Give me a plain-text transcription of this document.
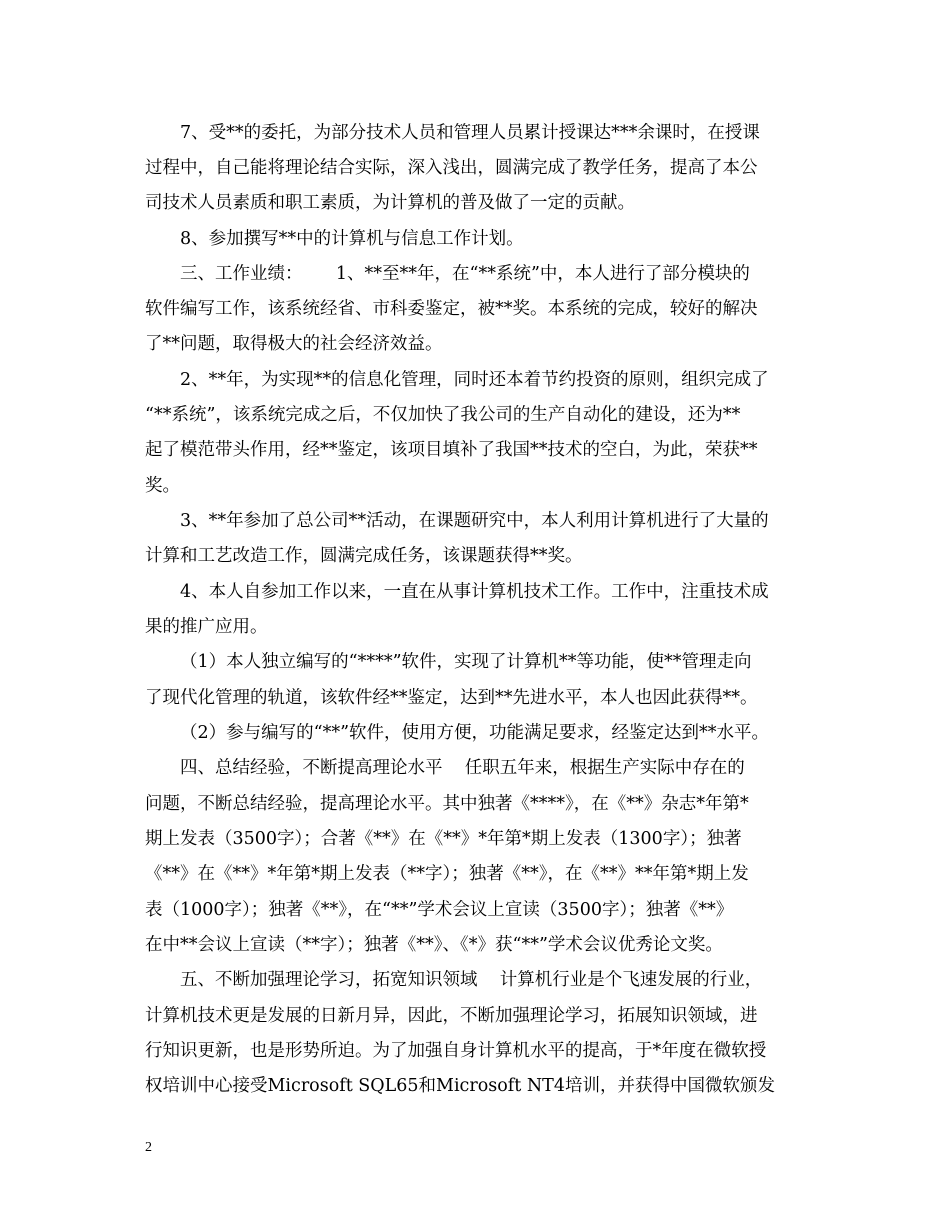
7、受**的委托，为部分技术人员和管理人员累计授课达***余课时，在授课

过程中，自己能将理论结合实际，深入浅出，圆满完成了教学任务，提高了本公

司技术人员素质和职工素质，为计算机的普及做了一定的贡献。

8、参加撰写**中的计算机与信息工作计划。

三、工作业绩：      1、**至**年，在“**系统”中，本人进行了部分模块的

软件编写工作，该系统经省、市科委鉴定，被**奖。本系统的完成，较好的解决

了**问题，取得极大的社会经济效益。

2、**年，为实现**的信息化管理，同时还本着节约投资的原则，组织完成了

“**系统”，该系统完成之后，不仅加快了我公司的生产自动化的建设，还为**

起了模范带头作用，经**鉴定，该项目填补了我国**技术的空白，为此，荣获**

奖。

3、**年参加了总公司**活动，在课题研究中，本人利用计算机进行了大量的

计算和工艺改造工作，圆满完成任务，该课题获得**奖。

4、本人自参加工作以来，一直在从事计算机技术工作。工作中，注重技术成

果的推广应用。

（1）本人独立编写的“****”软件，实现了计算机**等功能，使**管理走向

了现代化管理的轨道，该软件经**鉴定，达到**先进水平，本人也因此获得**。

（2）参与编写的“**”软件，使用方便，功能满足要求，经鉴定达到**水平。

四、总结经验，不断提高理论水平    任职五年来，根据生产实际中存在的

问题，不断总结经验，提高理论水平。其中独著《****》，在《**》杂志*年第*

期上发表（3500字）；合著《**》在《**》*年第*期上发表（1300字）；独著

《**》在《**》*年第*期上发表（**字）；独著《**》，在《**》**年第*期上发

表（1000字）；独著《**》，在“**”学术会议上宣读（3500字）；独著《**》

在中**会议上宣读（**字）；独著《**》、《*》获“**”学术会议优秀论文奖。

五、不断加强理论学习，拓宽知识领域    计算机行业是个飞速发展的行业，

计算机技术更是发展的日新月异，因此，不断加强理论学习，拓展知识领域，进

行知识更新，也是形势所迫。为了加强自身计算机水平的提高，于*年度在微软授

权培训中心接受Microsoft SQL65和Microsoft NT4培训，并获得中国微软颁发

2
